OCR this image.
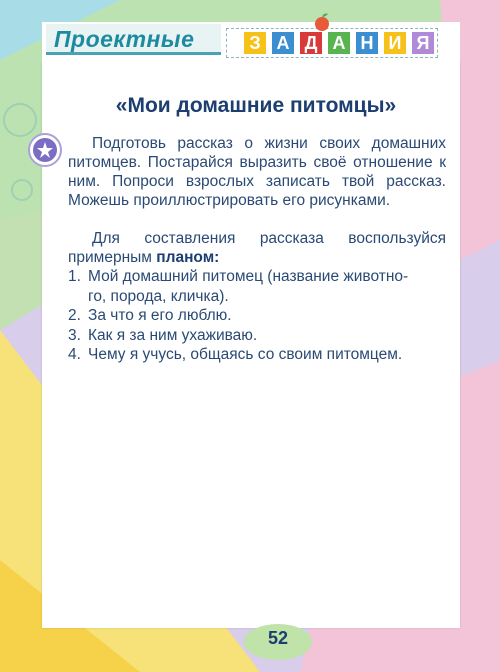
Проектные	З А Д А Н И Я
«Мои домашние питомцы»
Подготовь рассказ о жизни своих домашних питомцев. Постарайся выразить своё отношение к ним. Попроси взрослых записать твой рассказ. Можешь проиллюстрировать его рисунками.
Для составления рассказа воспользуйся примерным планом:
1. Мой домашний питомец (название животно-
го, порода, кличка).
2. За что я его люблю.
3. Как я за ним ухаживаю.
4. Чему я учусь, общаясь со своим питомцем.
52
